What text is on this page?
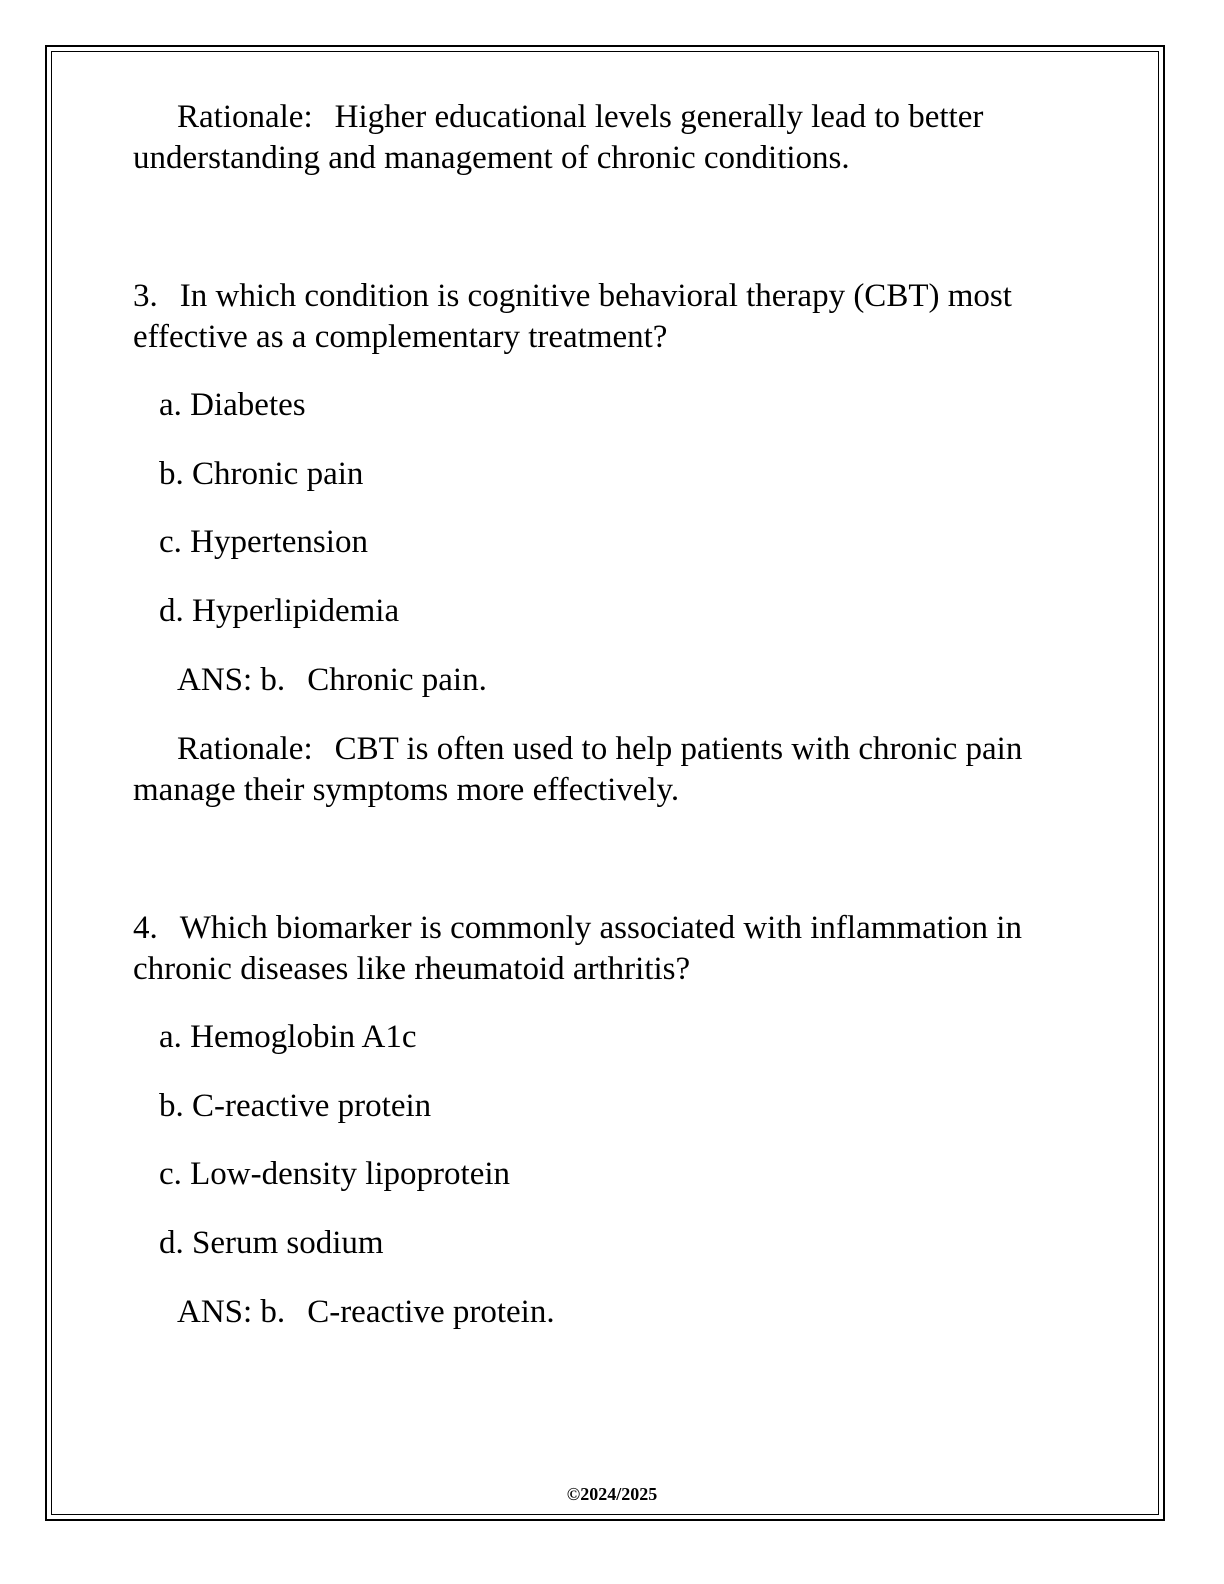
Rationale: Higher educational levels generally lead to better understanding and management of chronic conditions.
3. In which condition is cognitive behavioral therapy (CBT) most effective as a complementary treatment?
a. Diabetes
b. Chronic pain
c. Hypertension
d. Hyperlipidemia
ANS: b. Chronic pain.
Rationale: CBT is often used to help patients with chronic pain manage their symptoms more effectively.
4. Which biomarker is commonly associated with inflammation in chronic diseases like rheumatoid arthritis?
a. Hemoglobin A1c
b. C-reactive protein
c. Low-density lipoprotein
d. Serum sodium
ANS: b. C-reactive protein.
©2024/2025
